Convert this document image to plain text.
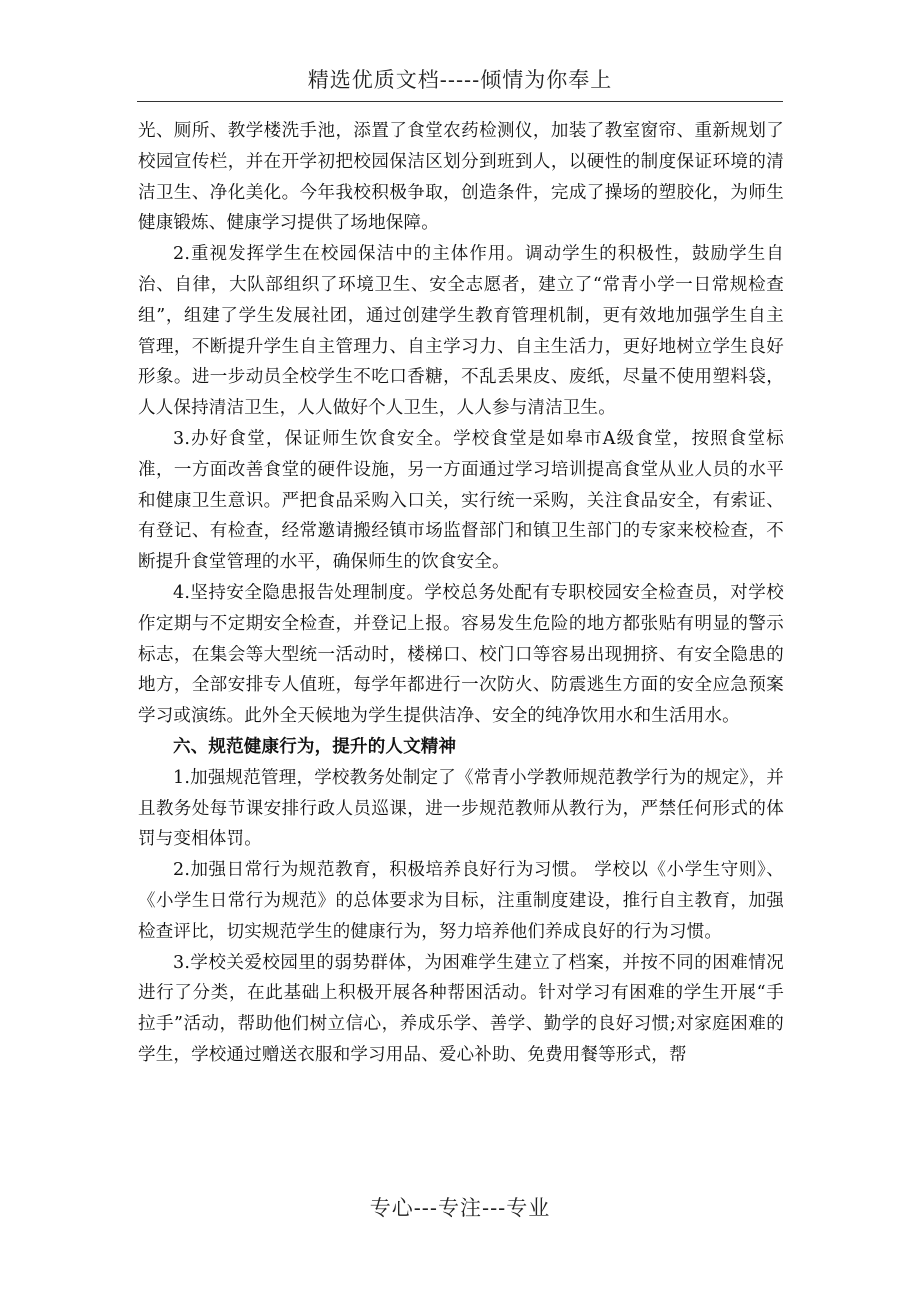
精选优质文档-----倾情为你奉上

光、厕所、教学楼洗手池，添置了食堂农药检测仪，加装了教室窗帘、重新规划了校园宣传栏，并在开学初把校园保洁区划分到班到人，以硬性的制度保证环境的清洁卫生、净化美化。今年我校积极争取，创造条件，完成了操场的塑胶化，为师生健康锻炼、健康学习提供了场地保障。

2.重视发挥学生在校园保洁中的主体作用。调动学生的积极性，鼓励学生自治、自律，大队部组织了环境卫生、安全志愿者，建立了“常青小学一日常规检查组”，组建了学生发展社团，通过创建学生教育管理机制，更有效地加强学生自主管理，不断提升学生自主管理力、自主学习力、自主生活力，更好地树立学生良好形象。进一步动员全校学生不吃口香糖，不乱丢果皮、废纸，尽量不使用塑料袋，人人保持清洁卫生，人人做好个人卫生，人人参与清洁卫生。

3.办好食堂，保证师生饮食安全。学校食堂是如皋市A级食堂，按照食堂标准，一方面改善食堂的硬件设施，另一方面通过学习培训提高食堂从业人员的水平和健康卫生意识。严把食品采购入口关，实行统一采购，关注食品安全，有索证、有登记、有检查，经常邀请搬经镇市场监督部门和镇卫生部门的专家来校检查，不断提升食堂管理的水平，确保师生的饮食安全。

4.坚持安全隐患报告处理制度。学校总务处配有专职校园安全检查员，对学校作定期与不定期安全检查，并登记上报。容易发生危险的地方都张贴有明显的警示标志，在集会等大型统一活动时，楼梯口、校门口等容易出现拥挤、有安全隐患的地方，全部安排专人值班，每学年都进行一次防火、防震逃生方面的安全应急预案学习或演练。此外全天候地为学生提供洁净、安全的纯净饮用水和生活用水。

六、规范健康行为，提升的人文精神

1.加强规范管理，学校教务处制定了《常青小学教师规范教学行为的规定》，并且教务处每节课安排行政人员巡课，进一步规范教师从教行为，严禁任何形式的体罚与变相体罚。

2.加强日常行为规范教育，积极培养良好行为习惯。 学校以《小学生守则》、《小学生日常行为规范》的总体要求为目标，注重制度建设，推行自主教育，加强检查评比，切实规范学生的健康行为，努力培养他们养成良好的行为习惯。

3.学校关爱校园里的弱势群体，为困难学生建立了档案，并按不同的困难情况进行了分类，在此基础上积极开展各种帮困活动。针对学习有困难的学生开展“手拉手”活动，帮助他们树立信心，养成乐学、善学、勤学的良好习惯;对家庭困难的学生，学校通过赠送衣服和学习用品、爱心补助、免费用餐等形式，帮

专心---专注---专业
